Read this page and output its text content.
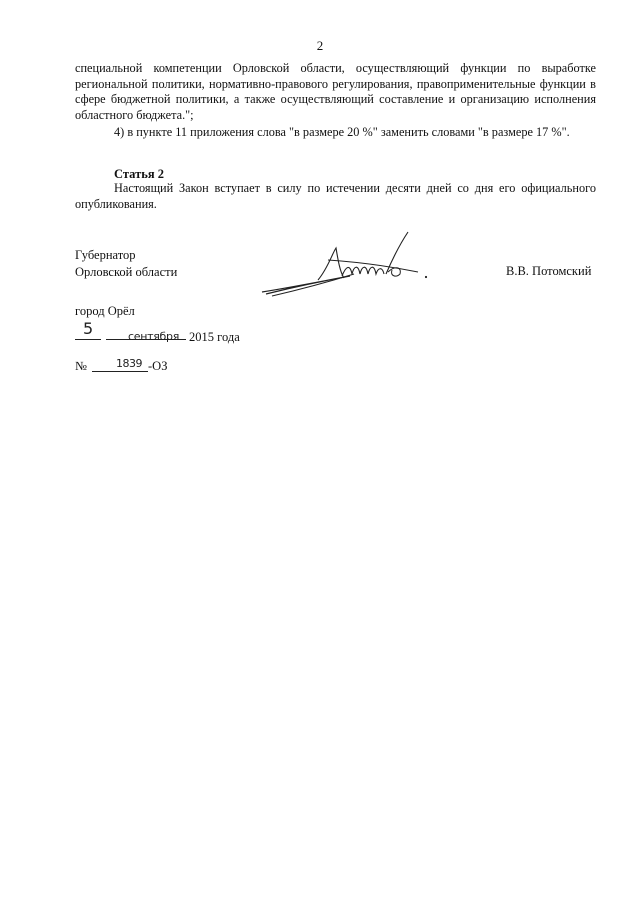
2

специальной компетенции Орловской области, осуществляющий функции по выработке региональной политики, нормативно-правового регулирования, правоприменительные функции в сфере бюджетной политики, а также осуществляющий составление и организацию исполнения областного бюджета.";

4) в пункте 11 приложения слова "в размере 20 %" заменить словами "в размере 17 %".

Статья 2

Настоящий Закон вступает в силу по истечении десяти дней со дня его официального опубликования.

Губернатор
Орловской области	В.В. Потомский
город Орёл
5	сентября 2015 года
№	1839 -ОЗ
